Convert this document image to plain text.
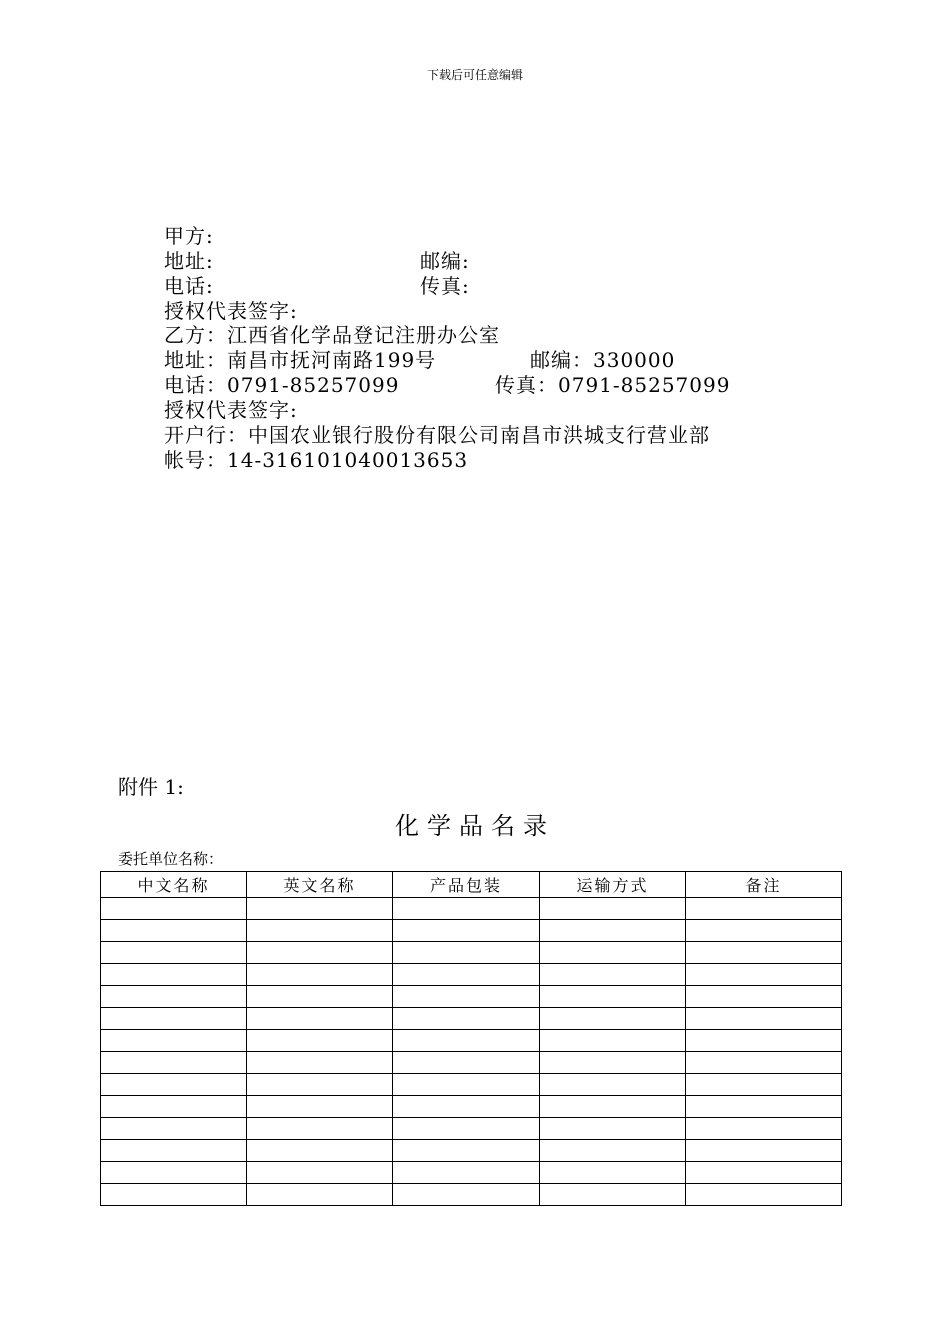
下载后可任意编辑
甲方:
地址:	邮编:
电话:	传真:
授权代表签字:
乙方：江西省化学品登记注册办公室
地址：南昌市抚河南路199号	邮编：330000
电话：0791-85257099	传真：0791-85257099
授权代表签字:
开户行：中国农业银行股份有限公司南昌市洪城支行营业部
帐号：14-316101040013653
附件 1:
化学品名录
委托单位名称：
中文名称	英文名称	产品包装	运输方式	备注
